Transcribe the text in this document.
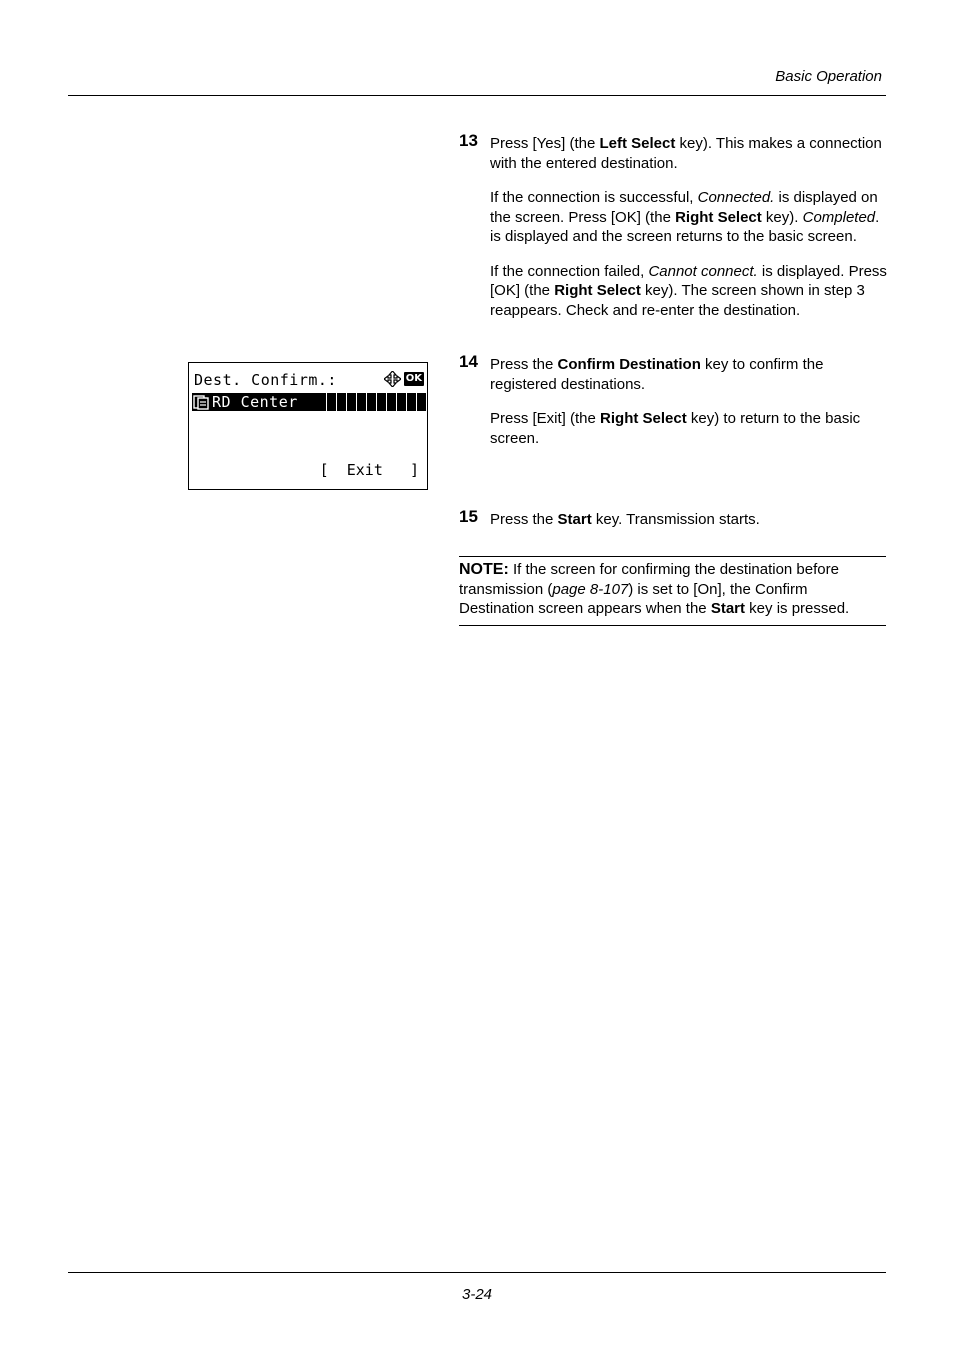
Basic Operation
Dest. Confirm.:	OK
RD Center
[  Exit   ]
13 Press [Yes] (the Left Select key). This makes a connection with the entered destination.

If the connection is successful, Connected. is displayed on the screen. Press [OK] (the Right Select key). Completed. is displayed and the screen returns to the basic screen.

If the connection failed, Cannot connect. is displayed. Press [OK] (the Right Select key). The screen shown in step 3 reappears. Check and re-enter the destination.

14 Press the Confirm Destination key to confirm the registered destinations.

Press [Exit] (the Right Select key) to return to the basic screen.

15 Press the Start key. Transmission starts.

NOTE: If the screen for confirming the destination before transmission (page 8-107) is set to [On], the Confirm Destination screen appears when the Start key is pressed.
3-24
